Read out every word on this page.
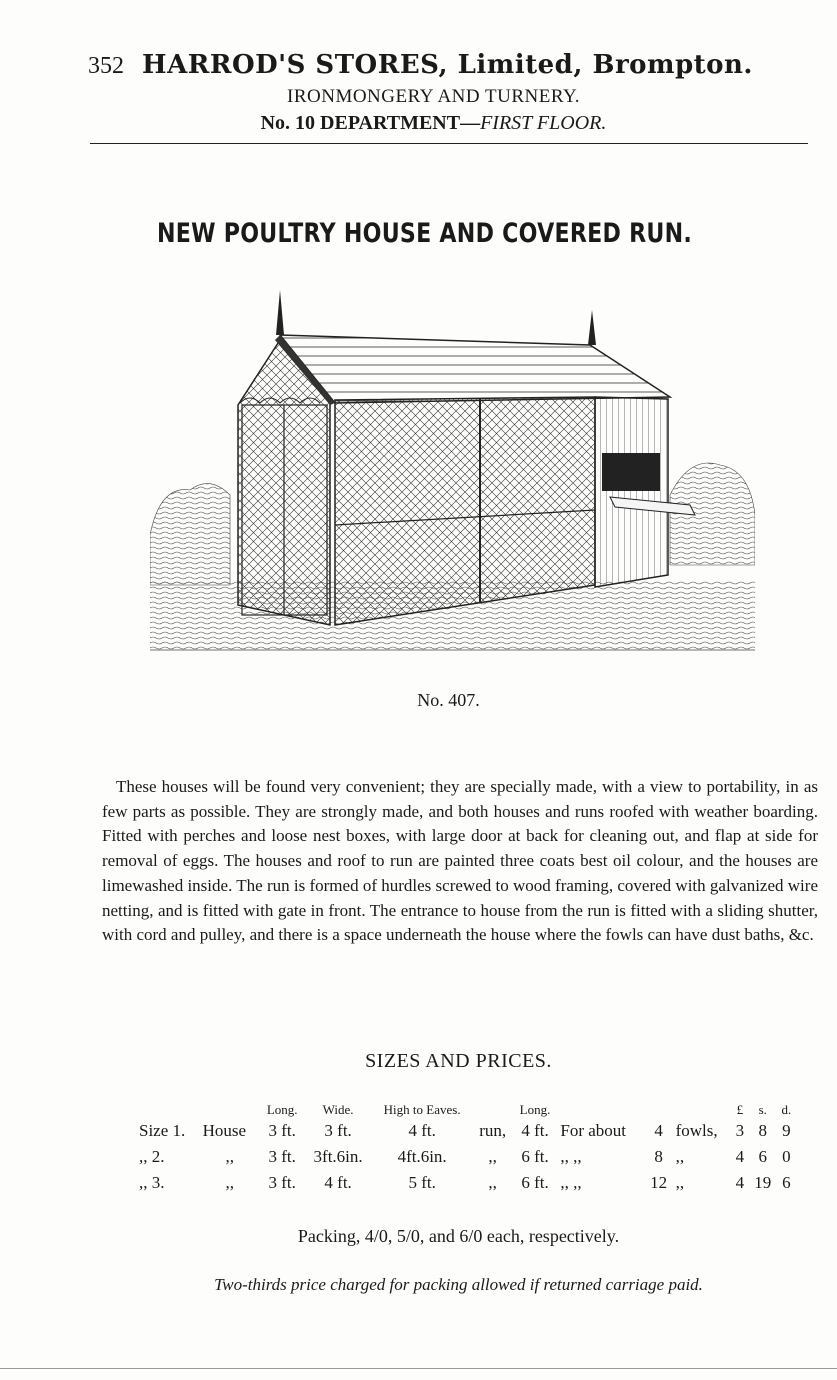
352 HARROD'S STORES, Limited, Brompton.
IRONMONGERY AND TURNERY.
No. 10 DEPARTMENT—FIRST FLOOR.
NEW POULTRY HOUSE AND COVERED RUN.
No. 407.

These houses will be found very convenient; they are specially made, with a view to portability, in as few parts as possible. They are strongly made, and both houses and runs roofed with weather boarding. Fitted with perches and loose nest boxes, with large door at back for cleaning out, and flap at side for removal of eggs. The houses and roof to run are painted three coats best oil colour, and the houses are limewashed inside. The run is formed of hurdles screwed to wood framing, covered with galvanized wire netting, and is fitted with gate in front. The entrance to house from the run is fitted with a sliding shutter, with cord and pulley, and there is a space underneath the house where the fowls can have dust baths, &c.

SIZES AND PRICES.
		Long.	Wide.	High to Eaves.		Long.				£	s.	d.
Size 1.	House	3 ft.	3 ft.	4 ft.	run,	4 ft.	For about	4	fowls,	3	8	9
,, 2.	,,	3 ft.	3ft.6in.	4ft.6in.	,,	6 ft.	,, ,,	8	,,	4	6	0
,, 3.	,,	3 ft.	4 ft.	5 ft.	,,	6 ft.	,, ,,	12	,,	4	19	6
Packing, 4/0, 5/0, and 6/0 each, respectively.
Two-thirds price charged for packing allowed if returned carriage paid.
